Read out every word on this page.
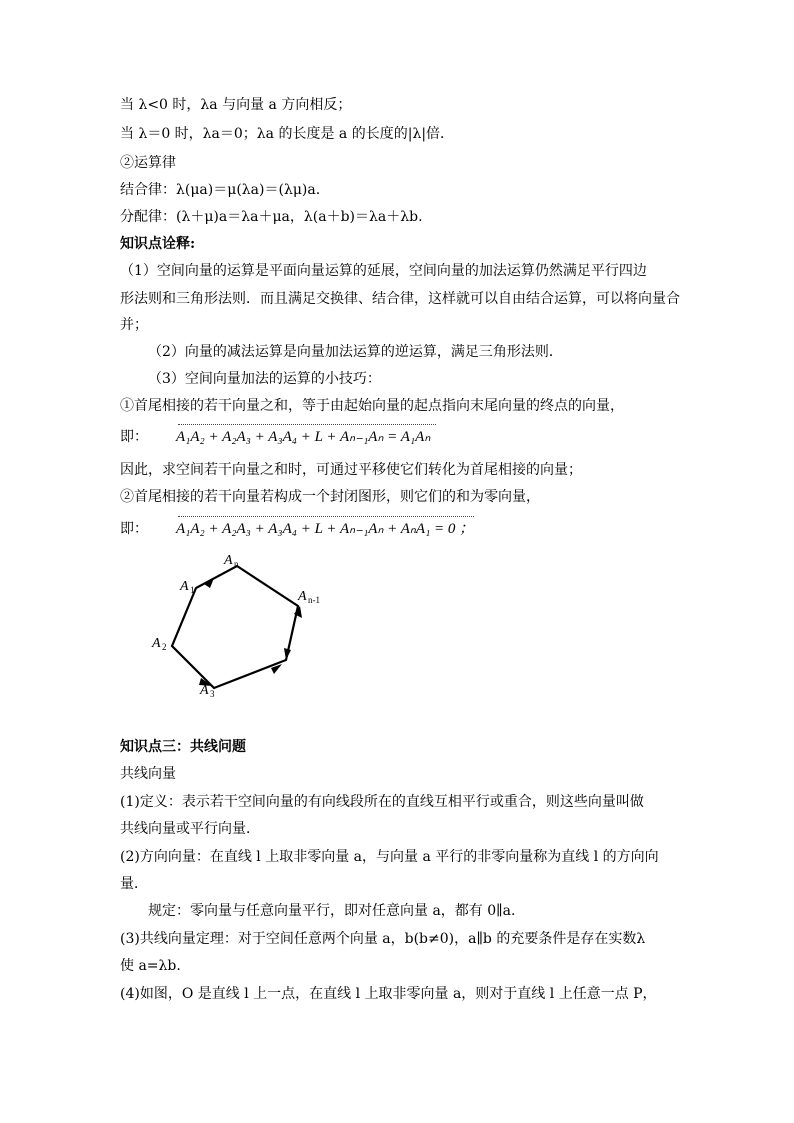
当 λ<0 时，λa 与向量 a 方向相反；
当 λ＝0 时，λa＝0；λa 的长度是 a 的长度的|λ|倍．
②运算律
结合律：λ(μa)＝μ(λa)＝(λμ)a.
分配律：(λ＋μ)a＝λa＋μa，λ(a＋b)＝λa＋λb.
知识点诠释:
（1）空间向量的运算是平面向量运算的延展，空间向量的加法运算仍然满足平行四边
形法则和三角形法则．而且满足交换律、结合律，这样就可以自由结合运算，可以将向量合
并；
（2）向量的减法运算是向量加法运算的逆运算，满足三角形法则．
（3）空间向量加法的运算的小技巧：
①首尾相接的若干向量之和，等于由起始向量的起点指向末尾向量的终点的向量，
即： A₁A₂ + A₂A₃ + A₃A₄ + L + Aₙ₋₁Aₙ = A₁Aₙ
因此，求空间若干向量之和时，可通过平移使它们转化为首尾相接的向量；
②首尾相接的若干向量若构成一个封闭图形，则它们的和为零向量，
即： A₁A₂ + A₂A₃ + A₃A₄ + L + Aₙ₋₁Aₙ + AₙA₁ = 0 ；
A n
A 1	A n-1
A 2
A 3
知识点三：共线问题
共线向量
(1)定义：表示若干空间向量的有向线段所在的直线互相平行或重合，则这些向量叫做
共线向量或平行向量．
(2)方向向量：在直线 l 上取非零向量 a，与向量 a 平行的非零向量称为直线 l 的方向向
量．
规定：零向量与任意向量平行，即对任意向量 a，都有 0∥a.
(3)共线向量定理：对于空间任意两个向量 a，b(b≠0)，a∥b 的充要条件是存在实数λ
使 a=λb.
(4)如图，O 是直线 l 上一点，在直线 l 上取非零向量 a，则对于直线 l 上任意一点 P，
